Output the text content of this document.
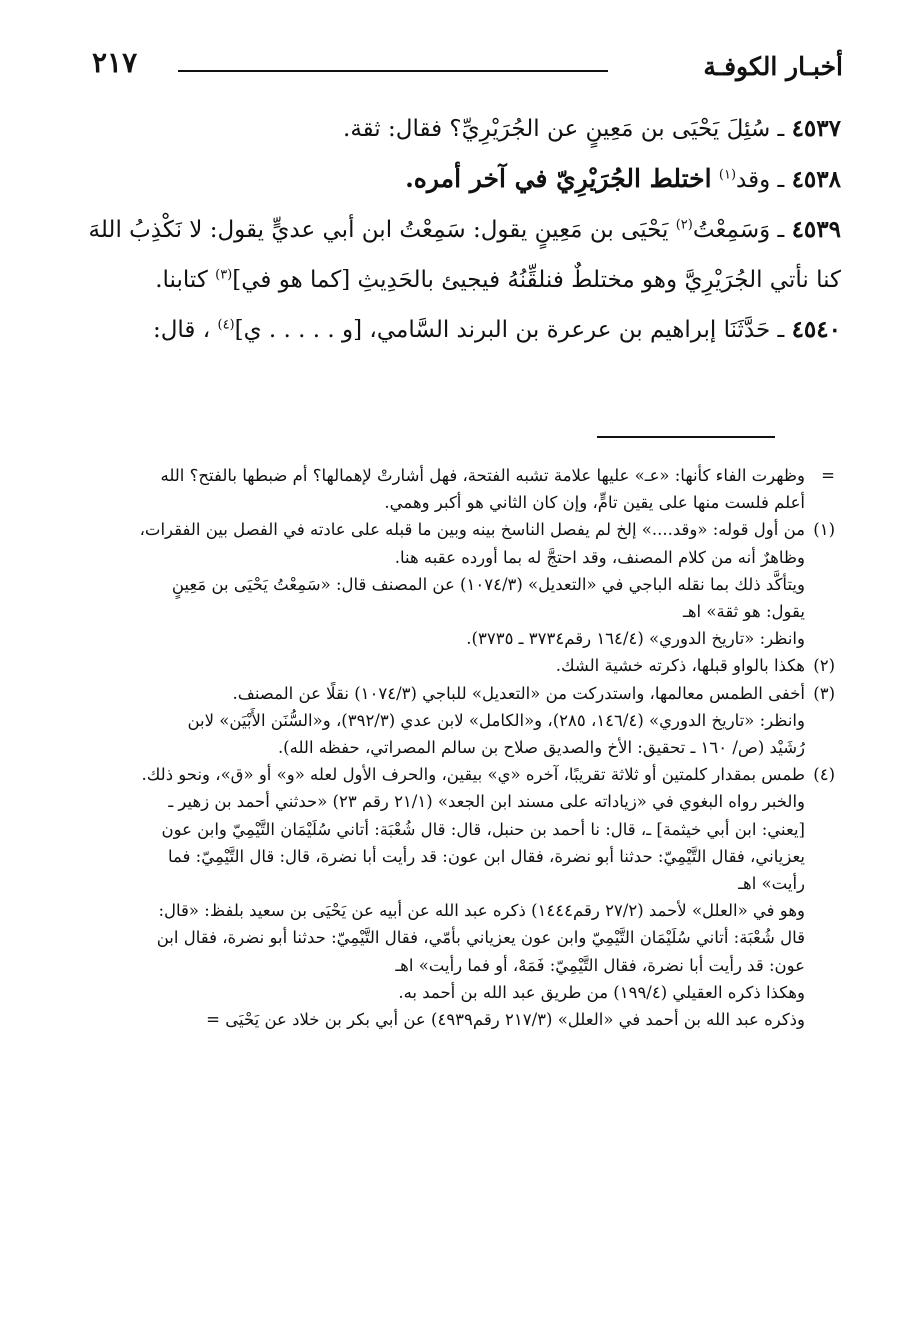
أخبـار الكوفـة
٢١٧

٤٥٣٧ ـ سُئِلَ يَحْيَى بن مَعِينٍ عن الجُرَيْرِيِّ؟ فقال: ثقة.

٤٥٣٨ ـ وقد$^{(١)}$ اختلط الجُرَيْرِيّ في آخر أمره.

٤٥٣٩ ـ وَسَمِعْتُ$^{(٢)}$ يَحْيَى بن مَعِينٍ يقول: سَمِعْتُ ابن أبي عديٍّ يقول: لا نَكْذِبُ اللهَ كنا نأتي الجُرَيْرِيَّ وهو مختلطٌ فنلقِّنُهُ فيجيئ بالحَدِيثِ [كما هو في]$^{(٣)}$ كتابنا.

٤٥٤٠ ـ حَدَّثَنَا إبراهيم بن عرعرة بن البرند السَّامي، [و . . . . . ي]$^{(٤)}$ ، قال:

=وظهرت الفاء كأنها: «عـ» عليها علامة تشبه الفتحة، فهل أشارتْ لإهمالها؟ أم ضبطها بالفتح؟ الله

أعلم فلست منها على يقين تامٍّ، وإن كان الثاني هو أكبر وهمي.

(١)من أول قوله: «وقد....» إلخ لم يفصل الناسخ بينه وبين ما قبله على عادته في الفصل بين الفقرات،

وظاهرٌ أنه من كلام المصنف، وقد احتجَّ له بما أورده عقبه هنا.

ويتأكَّد ذلك بما نقله الباجي في «التعديل» (١٠٧٤/٣) عن المصنف قال: «سَمِعْتُ يَحْيَى بن مَعِينٍ

يقول: هو ثقة» اهـ

وانظر: «تاريخ الدوري» (١٦٤/٤ رقم٣٧٣٤ ـ ٣٧٣٥).

(٢)هكذا بالواو قبلها، ذكرته خشية الشك.

(٣)أخفى الطمس معالمها، واستدركت من «التعديل» للباجي (١٠٧٤/٣) نقلًا عن المصنف.

وانظر: «تاريخ الدوري» (١٤٦/٤، ٢٨٥)، و«الكامل» لابن عدي (٣٩٢/٣)، و«السُّنَن الأَبْيَن» لابن

رُشَيْد (ص/ ١٦٠ ـ تحقيق: الأخ والصديق صلاح بن سالم المصراتي، حفظه الله).

(٤)طمس بمقدار كلمتين أو ثلاثة تقريبًا، آخره «ي» بيقين، والحرف الأول لعله «و» أو «ق»، ونحو ذلك.

والخبر رواه البغوي في «زياداته على مسند ابن الجعد» (٢١/١ رقم ٢٣) «حدثني أحمد بن زهير ـ

[يعني: ابن أبي خيثمة] ـ، قال: نا أحمد بن حنبل، قال: قال شُعْبَة: أتاني سُلَيْمَان التَّيْمِيّ وابن عون

يعزياني، فقال التَّيْمِيّ: حدثنا أبو نضرة، فقال ابن عون: قد رأيت أبا نضرة، قال: قال التَّيْمِيّ: فما

رأيت» اهـ

وهو في «العلل» لأحمد (٢٧/٢ رقم١٤٤٤) ذكره عبد الله عن أبيه عن يَحْيَى بن سعيد بلفظ: «قال:

قال شُعْبَة: أتاني سُلَيْمَان التَّيْمِيّ وابن عون يعزياني بأمّي، فقال التَّيْمِيّ: حدثنا أبو نضرة، فقال ابن

عون: قد رأيت أبا نضرة، فقال التَّيْمِيّ: فَمَهْ، أو فما رأيت» اهـ

وهكذا ذكره العقيلي (١٩٩/٤) من طريق عبد الله بن أحمد به.

وذكره عبد الله بن أحمد في «العلل» (٢١٧/٣ رقم٤٩٣٩) عن أبي بكر بن خلاد عن يَحْيَى =
